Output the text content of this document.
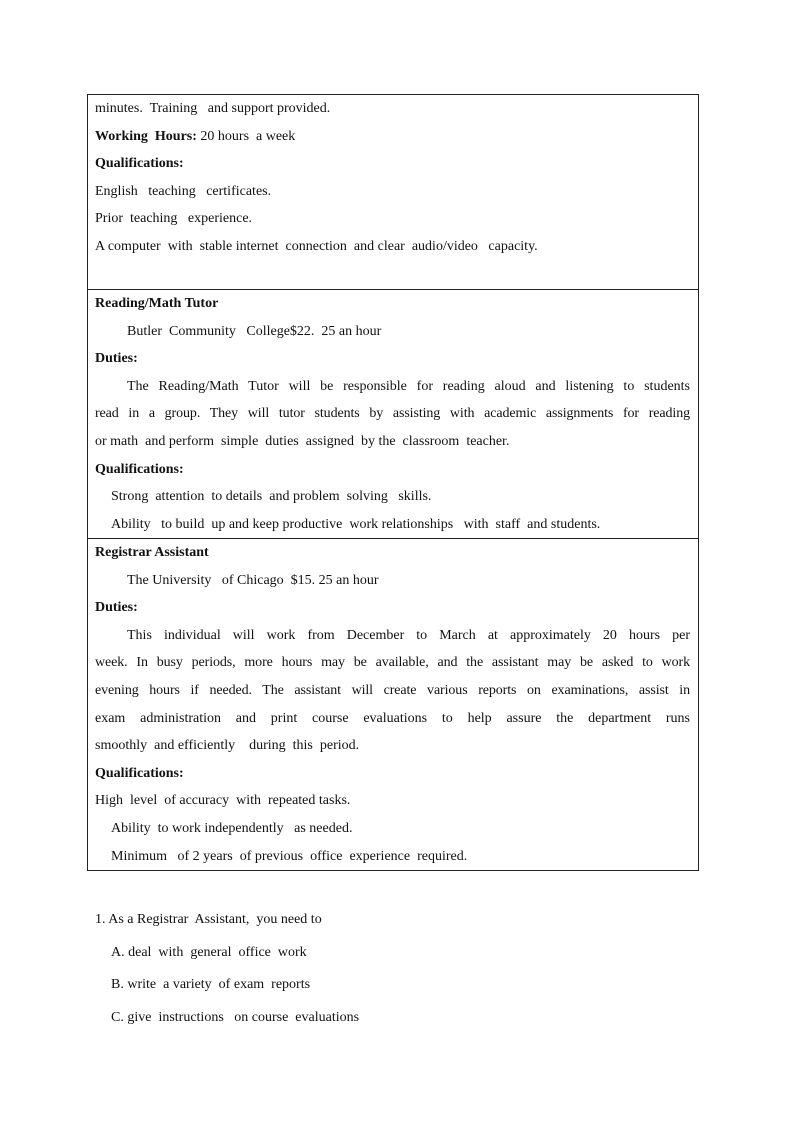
minutes.  Training   and support provided.
Working  Hours: 20 hours  a week
Qualifications:
English   teaching   certificates.
Prior  teaching   experience.
A computer  with  stable internet  connection  and clear  audio/video   capacity.
Reading/Math Tutor
Butler  Community   College$22.  25 an hour
Duties:
The Reading/Math Tutor will be responsible for reading aloud and listening to students
read in a group. They will tutor students by assisting with academic assignments for reading
or math  and perform  simple  duties  assigned  by the  classroom  teacher.
Qualifications:
Strong  attention  to details  and problem  solving   skills.
Ability   to build  up and keep productive  work relationships   with  staff  and students.
Registrar Assistant
The University   of Chicago  $15. 25 an hour
Duties:
This individual will work from December to March at approximately 20 hours per
week. In busy periods, more hours may be available, and the assistant may be asked to work
evening hours if needed. The assistant will create various reports on examinations, assist in
exam administration and print course evaluations to help assure the department runs
smoothly  and efficiently    during  this  period.
Qualifications:
High  level  of accuracy  with  repeated tasks.
Ability  to work independently   as needed.
Minimum   of 2 years  of previous  office  experience  required.
1. As a Registrar  Assistant,  you need to
A. deal  with  general  office  work
B. write  a variety  of exam  reports
C. give  instructions   on course  evaluations
